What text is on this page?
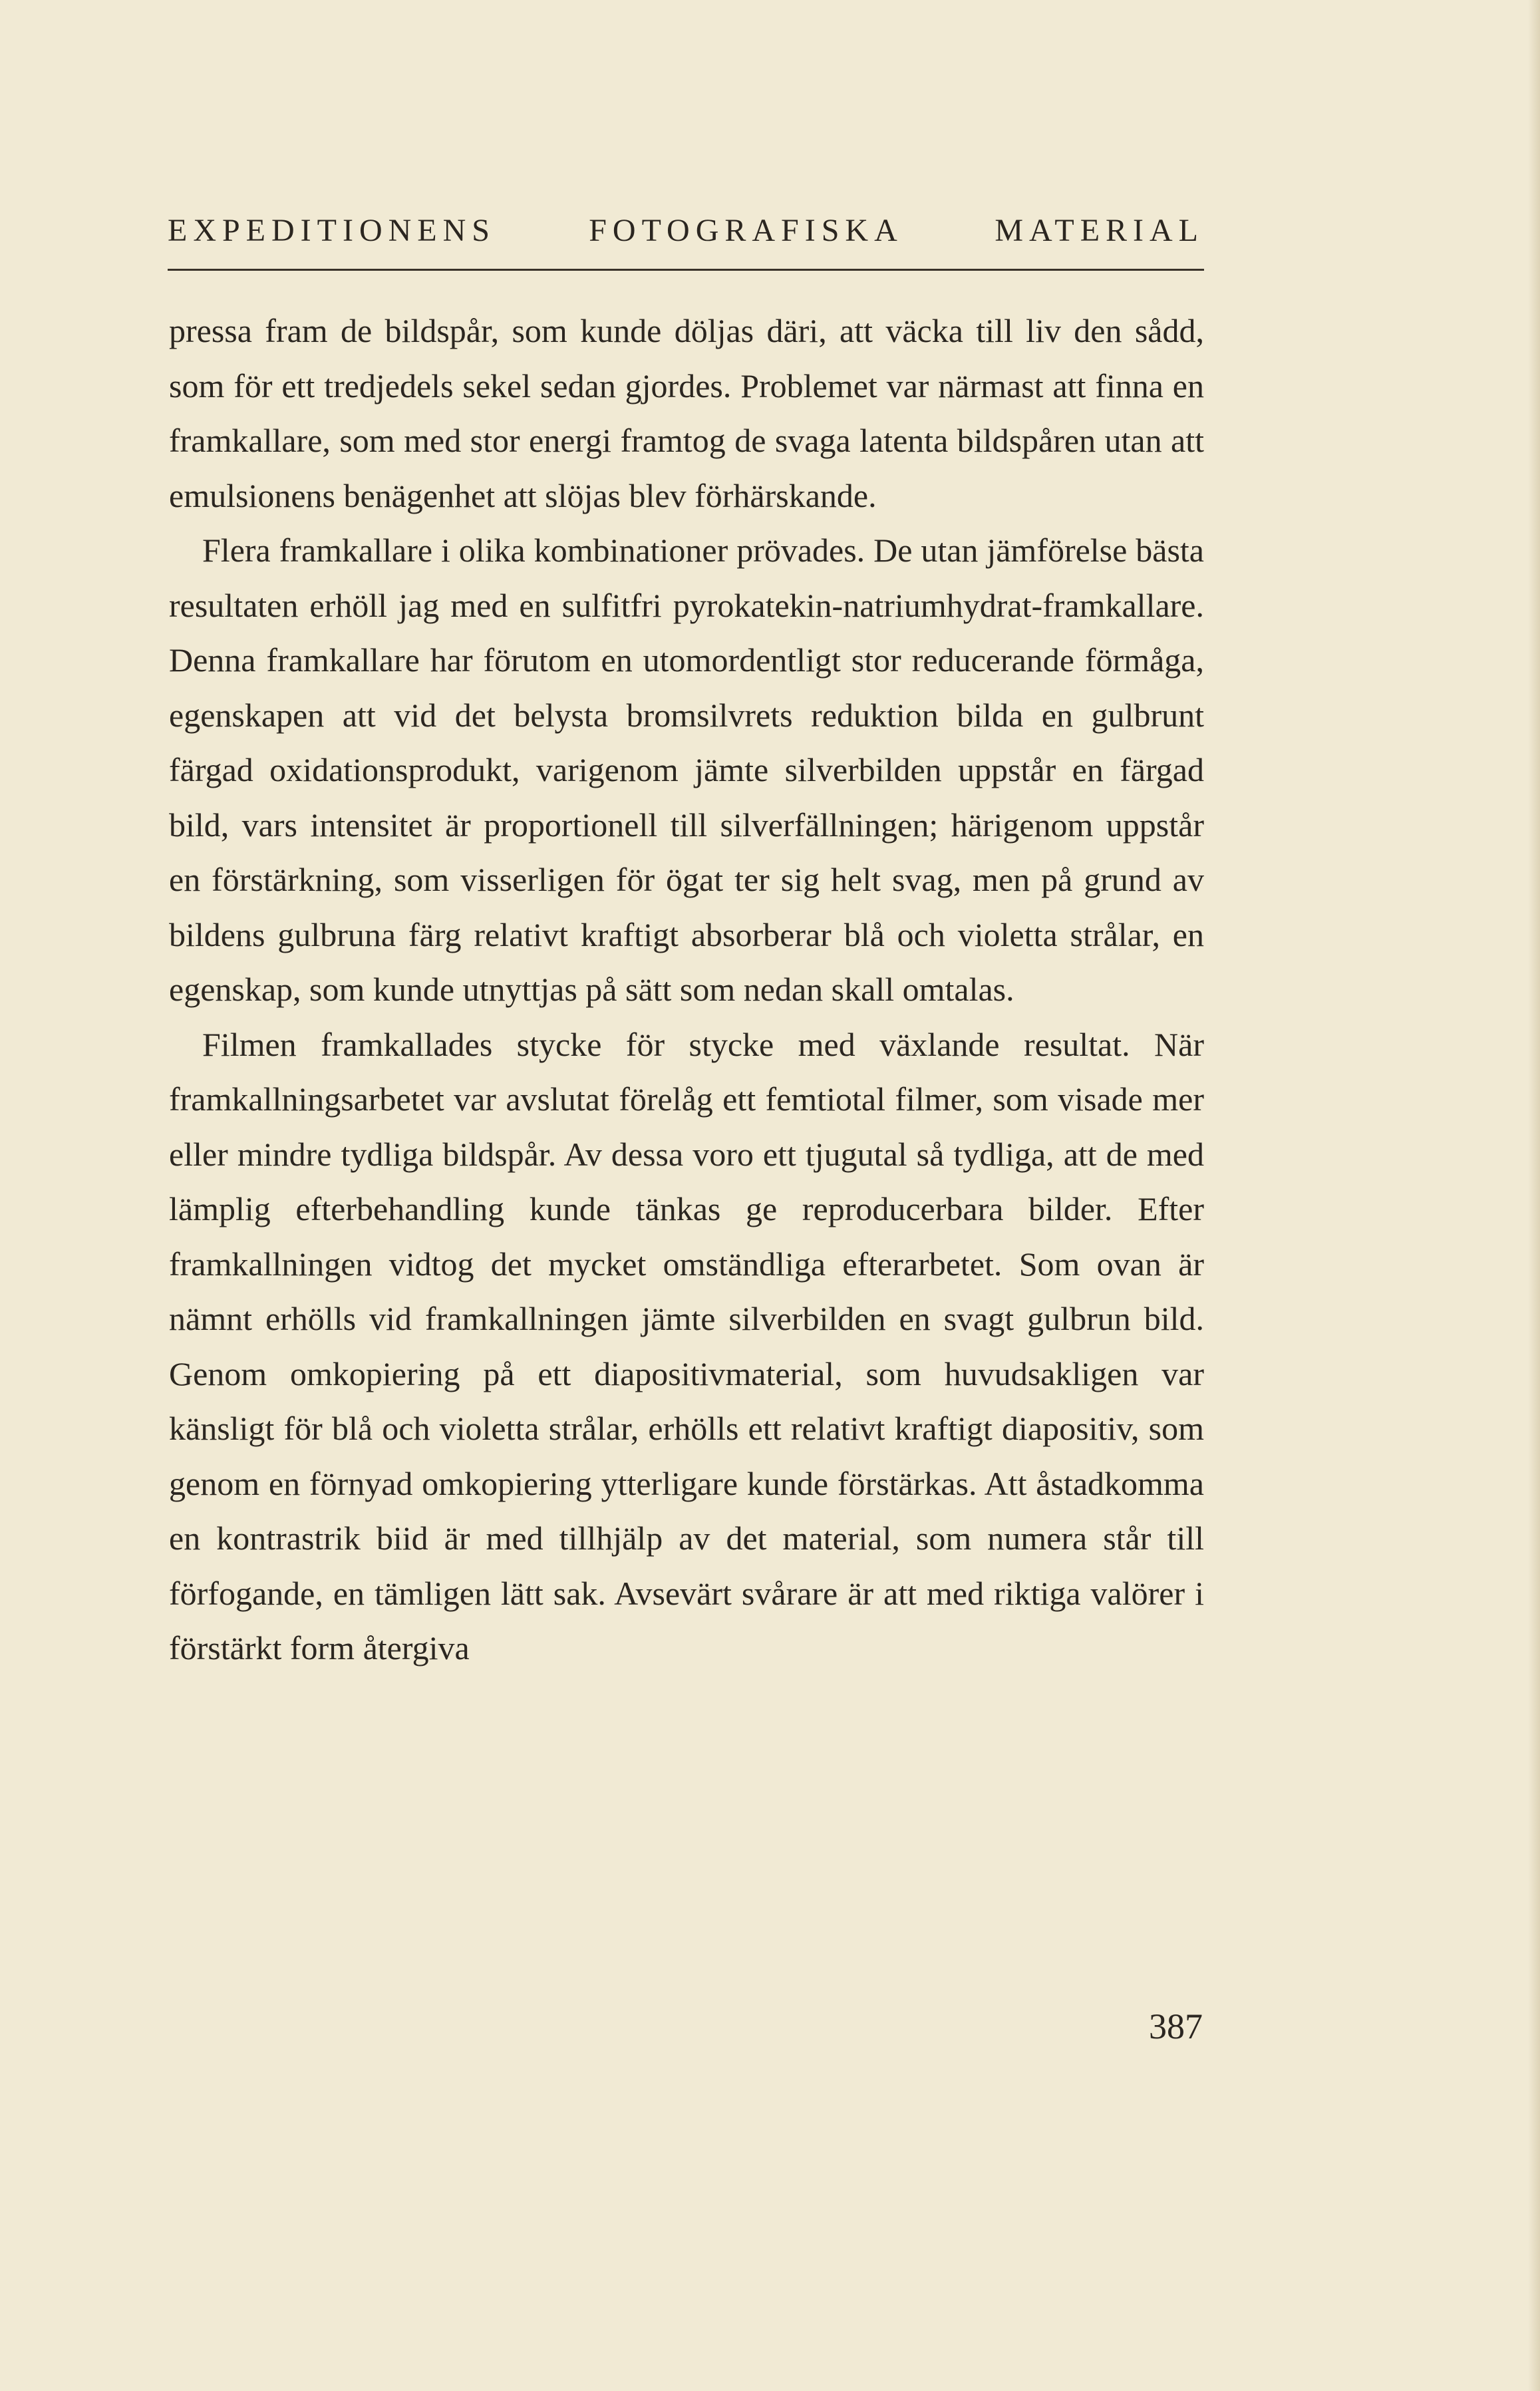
EXPEDITIONENS FOTOGRAFISKA MATERIAL

pressa fram de bildspår, som kunde döljas däri, att väcka till liv den sådd, som för ett tredjedels sekel sedan gjordes. Problemet var närmast att finna en framkallare, som med stor energi framtog de svaga latenta bildspåren utan att emulsionens benägenhet att slöjas blev förhärskande.

Flera framkallare i olika kombinationer prövades. De utan jämförelse bästa resultaten erhöll jag med en sulfitfri pyrokatekin-natriumhydrat-framkallare. Denna framkallare har förutom en utomordentligt stor reducerande förmåga, egenskapen att vid det belysta bromsilvrets reduktion bilda en gulbrunt färgad oxidationsprodukt, varigenom jämte silverbilden uppstår en färgad bild, vars intensitet är proportionell till silverfällningen; härigenom uppstår en förstärkning, som visserligen för ögat ter sig helt svag, men på grund av bildens gulbruna färg relativt kraftigt absorberar blå och violetta strålar, en egenskap, som kunde utnyttjas på sätt som nedan skall omtalas.

Filmen framkallades stycke för stycke med växlande resultat. När framkallningsarbetet var avslutat förelåg ett femtiotal filmer, som visade mer eller mindre tydliga bildspår. Av dessa voro ett tjugutal så tydliga, att de med lämplig efterbehandling kunde tänkas ge reproducerbara bilder. Efter framkallningen vidtog det mycket omständliga efterarbetet. Som ovan är nämnt erhölls vid framkallningen jämte silverbilden en svagt gulbrun bild. Genom omkopiering på ett diapositivmaterial, som huvudsakligen var känsligt för blå och violetta strålar, erhölls ett relativt kraftigt diapositiv, som genom en förnyad omkopiering ytterligare kunde förstärkas. Att åstadkomma en kontrastrik biid är med tillhjälp av det material, som numera står till förfogande, en tämligen lätt sak. Avsevärt svårare är att med riktiga valörer i förstärkt form återgiva

387
